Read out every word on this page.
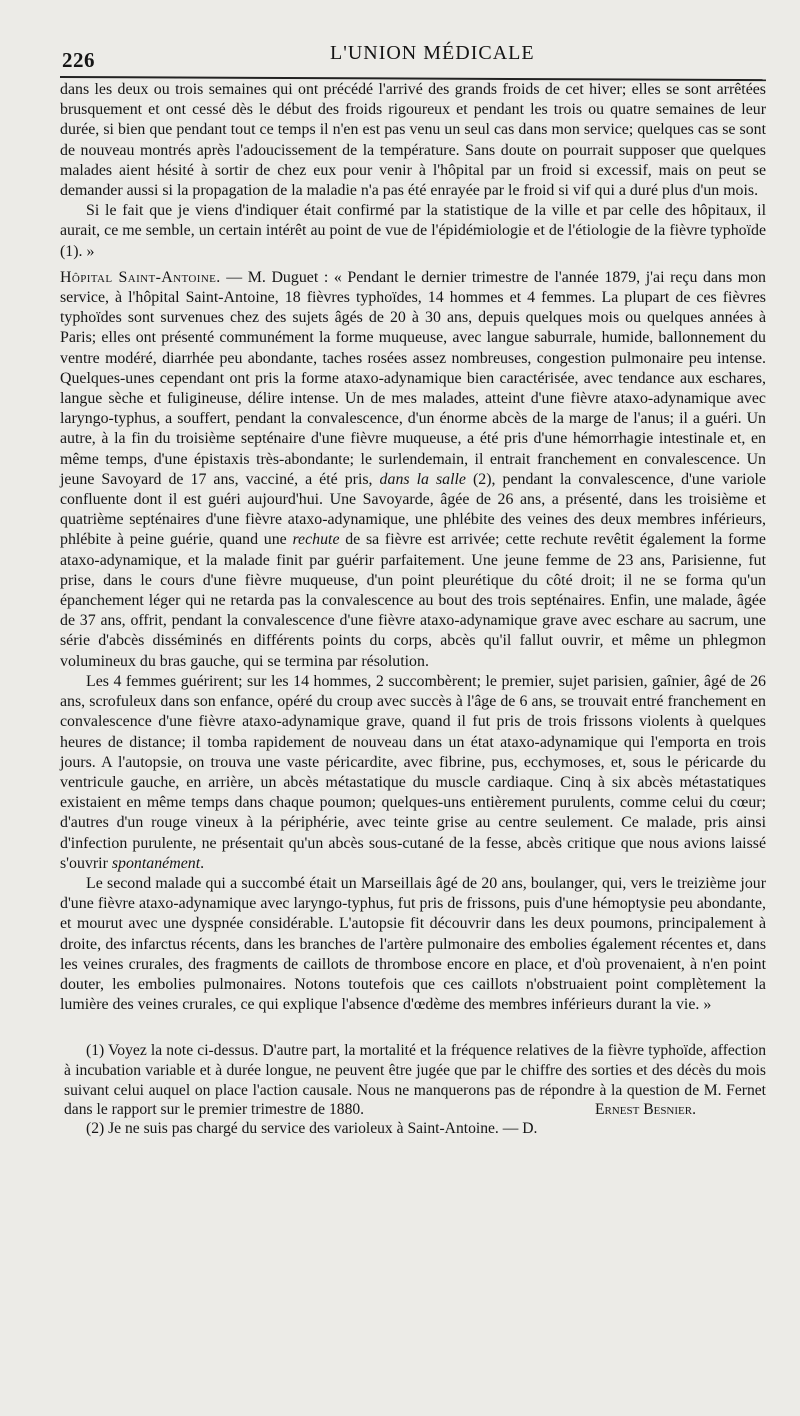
226	L'UNION MÉDICALE

dans les deux ou trois semaines qui ont précédé l'arrivé des grands froids de cet hiver; elles se sont arrêtées brusquement et ont cessé dès le début des froids rigoureux et pendant les trois ou quatre semaines de leur durée, si bien que pendant tout ce temps il n'en est pas venu un seul cas dans mon service; quelques cas se sont de nouveau montrés après l'adoucissement de la température. Sans doute on pourrait supposer que quelques malades aient hésité à sortir de chez eux pour venir à l'hôpital par un froid si excessif, mais on peut se demander aussi si la propagation de la maladie n'a pas été enrayée par le froid si vif qui a duré plus d'un mois.

Si le fait que je viens d'indiquer était confirmé par la statistique de la ville et par celle des hôpitaux, il aurait, ce me semble, un certain intérêt au point de vue de l'épidémiologie et de l'étiologie de la fièvre typhoïde (1). »

Hôpital Saint-Antoine. — M. Duguet : « Pendant le dernier trimestre de l'année 1879, j'ai reçu dans mon service, à l'hôpital Saint-Antoine, 18 fièvres typhoïdes, 14 hommes et 4 femmes. La plupart de ces fièvres typhoïdes sont survenues chez des sujets âgés de 20 à 30 ans, depuis quelques mois ou quelques années à Paris; elles ont présenté communément la forme muqueuse, avec langue saburrale, humide, ballonnement du ventre modéré, diarrhée peu abondante, taches rosées assez nombreuses, congestion pulmonaire peu intense. Quelques-unes cependant ont pris la forme ataxo-adynamique bien caractérisée, avec tendance aux eschares, langue sèche et fuligineuse, délire intense. Un de mes malades, atteint d'une fièvre ataxo-adynamique avec laryngo-typhus, a souffert, pendant la convalescence, d'un énorme abcès de la marge de l'anus; il a guéri. Un autre, à la fin du troisième septénaire d'une fièvre muqueuse, a été pris d'une hémorrhagie intestinale et, en même temps, d'une épistaxis très-abondante; le surlendemain, il entrait franchement en convalescence. Un jeune Savoyard de 17 ans, vacciné, a été pris, dans la salle (2), pendant la convalescence, d'une variole confluente dont il est guéri aujourd'hui. Une Savoyarde, âgée de 26 ans, a présenté, dans les troisième et quatrième septénaires d'une fièvre ataxo-adynamique, une phlébite des veines des deux membres inférieurs, phlébite à peine guérie, quand une rechute de sa fièvre est arrivée; cette rechute revêtit également la forme ataxo-adynamique, et la malade finit par guérir parfaitement. Une jeune femme de 23 ans, Parisienne, fut prise, dans le cours d'une fièvre muqueuse, d'un point pleurétique du côté droit; il ne se forma qu'un épanchement léger qui ne retarda pas la convalescence au bout des trois septénaires. Enfin, une malade, âgée de 37 ans, offrit, pendant la convalescence d'une fièvre ataxo-adynamique grave avec eschare au sacrum, une série d'abcès disséminés en différents points du corps, abcès qu'il fallut ouvrir, et même un phlegmon volumineux du bras gauche, qui se termina par résolution.

Les 4 femmes guérirent; sur les 14 hommes, 2 succombèrent; le premier, sujet parisien, gaînier, âgé de 26 ans, scrofuleux dans son enfance, opéré du croup avec succès à l'âge de 6 ans, se trouvait entré franchement en convalescence d'une fièvre ataxo-adynamique grave, quand il fut pris de trois frissons violents à quelques heures de distance; il tomba rapidement de nouveau dans un état ataxo-adynamique qui l'emporta en trois jours. A l'autopsie, on trouva une vaste péricardite, avec fibrine, pus, ecchymoses, et, sous le péricarde du ventricule gauche, en arrière, un abcès métastatique du muscle cardiaque. Cinq à six abcès métastatiques existaient en même temps dans chaque poumon; quelques-uns entièrement purulents, comme celui du cœur; d'autres d'un rouge vineux à la périphérie, avec teinte grise au centre seulement. Ce malade, pris ainsi d'infection purulente, ne présentait qu'un abcès sous-cutané de la fesse, abcès critique que nous avions laissé s'ouvrir spontanément.

Le second malade qui a succombé était un Marseillais âgé de 20 ans, boulanger, qui, vers le treizième jour d'une fièvre ataxo-adynamique avec laryngo-typhus, fut pris de frissons, puis d'une hémoptysie peu abondante, et mourut avec une dyspnée considérable. L'autopsie fit découvrir dans les deux poumons, principalement à droite, des infarctus récents, dans les branches de l'artère pulmonaire des embolies également récentes et, dans les veines crurales, des fragments de caillots de thrombose encore en place, et d'où provenaient, à n'en point douter, les embolies pulmonaires. Notons toutefois que ces caillots n'obstruaient point complètement la lumière des veines crurales, ce qui explique l'absence d'œdème des membres inférieurs durant la vie. »

(1) Voyez la note ci-dessus. D'autre part, la mortalité et la fréquence relatives de la fièvre typhoïde, affection à incubation variable et à durée longue, ne peuvent être jugée que par le chiffre des sorties et des décès du mois suivant celui auquel on place l'action causale. Nous ne manquerons pas de répondre à la question de M. Fernet dans le rapport sur le premier trimestre de 1880.	Ernest Besnier.

(2) Je ne suis pas chargé du service des varioleux à Saint-Antoine. — D.
